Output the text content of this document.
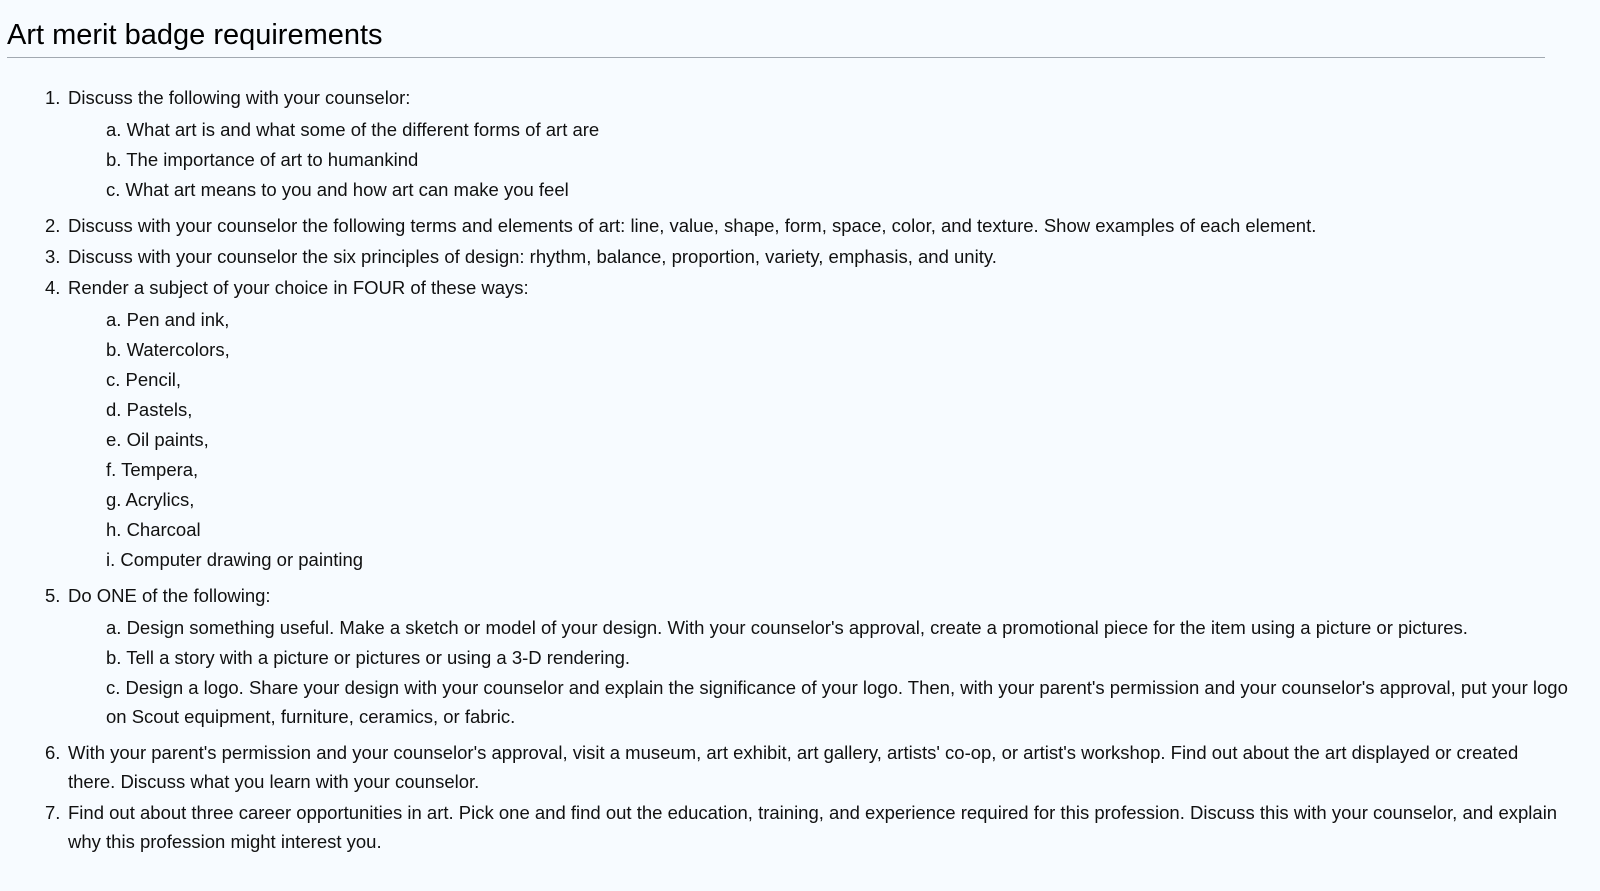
Art merit badge requirements
1. Discuss the following with your counselor:
a. What art is and what some of the different forms of art are
b. The importance of art to humankind
c. What art means to you and how art can make you feel
2. Discuss with your counselor the following terms and elements of art: line, value, shape, form, space, color, and texture. Show examples of each element.
3. Discuss with your counselor the six principles of design: rhythm, balance, proportion, variety, emphasis, and unity.
4. Render a subject of your choice in FOUR of these ways:
a. Pen and ink,
b. Watercolors,
c. Pencil,
d. Pastels,
e. Oil paints,
f. Tempera,
g. Acrylics,
h. Charcoal
i. Computer drawing or painting
5. Do ONE of the following:
a. Design something useful. Make a sketch or model of your design. With your counselor's approval, create a promotional piece for the item using a picture or pictures.
b. Tell a story with a picture or pictures or using a 3-D rendering.
c. Design a logo. Share your design with your counselor and explain the significance of your logo. Then, with your parent's permission and your counselor's approval, put your logo on Scout equipment, furniture, ceramics, or fabric.
6. With your parent's permission and your counselor's approval, visit a museum, art exhibit, art gallery, artists' co-op, or artist's workshop. Find out about the art displayed or created there. Discuss what you learn with your counselor.
7. Find out about three career opportunities in art. Pick one and find out the education, training, and experience required for this profession. Discuss this with your counselor, and explain why this profession might interest you.
